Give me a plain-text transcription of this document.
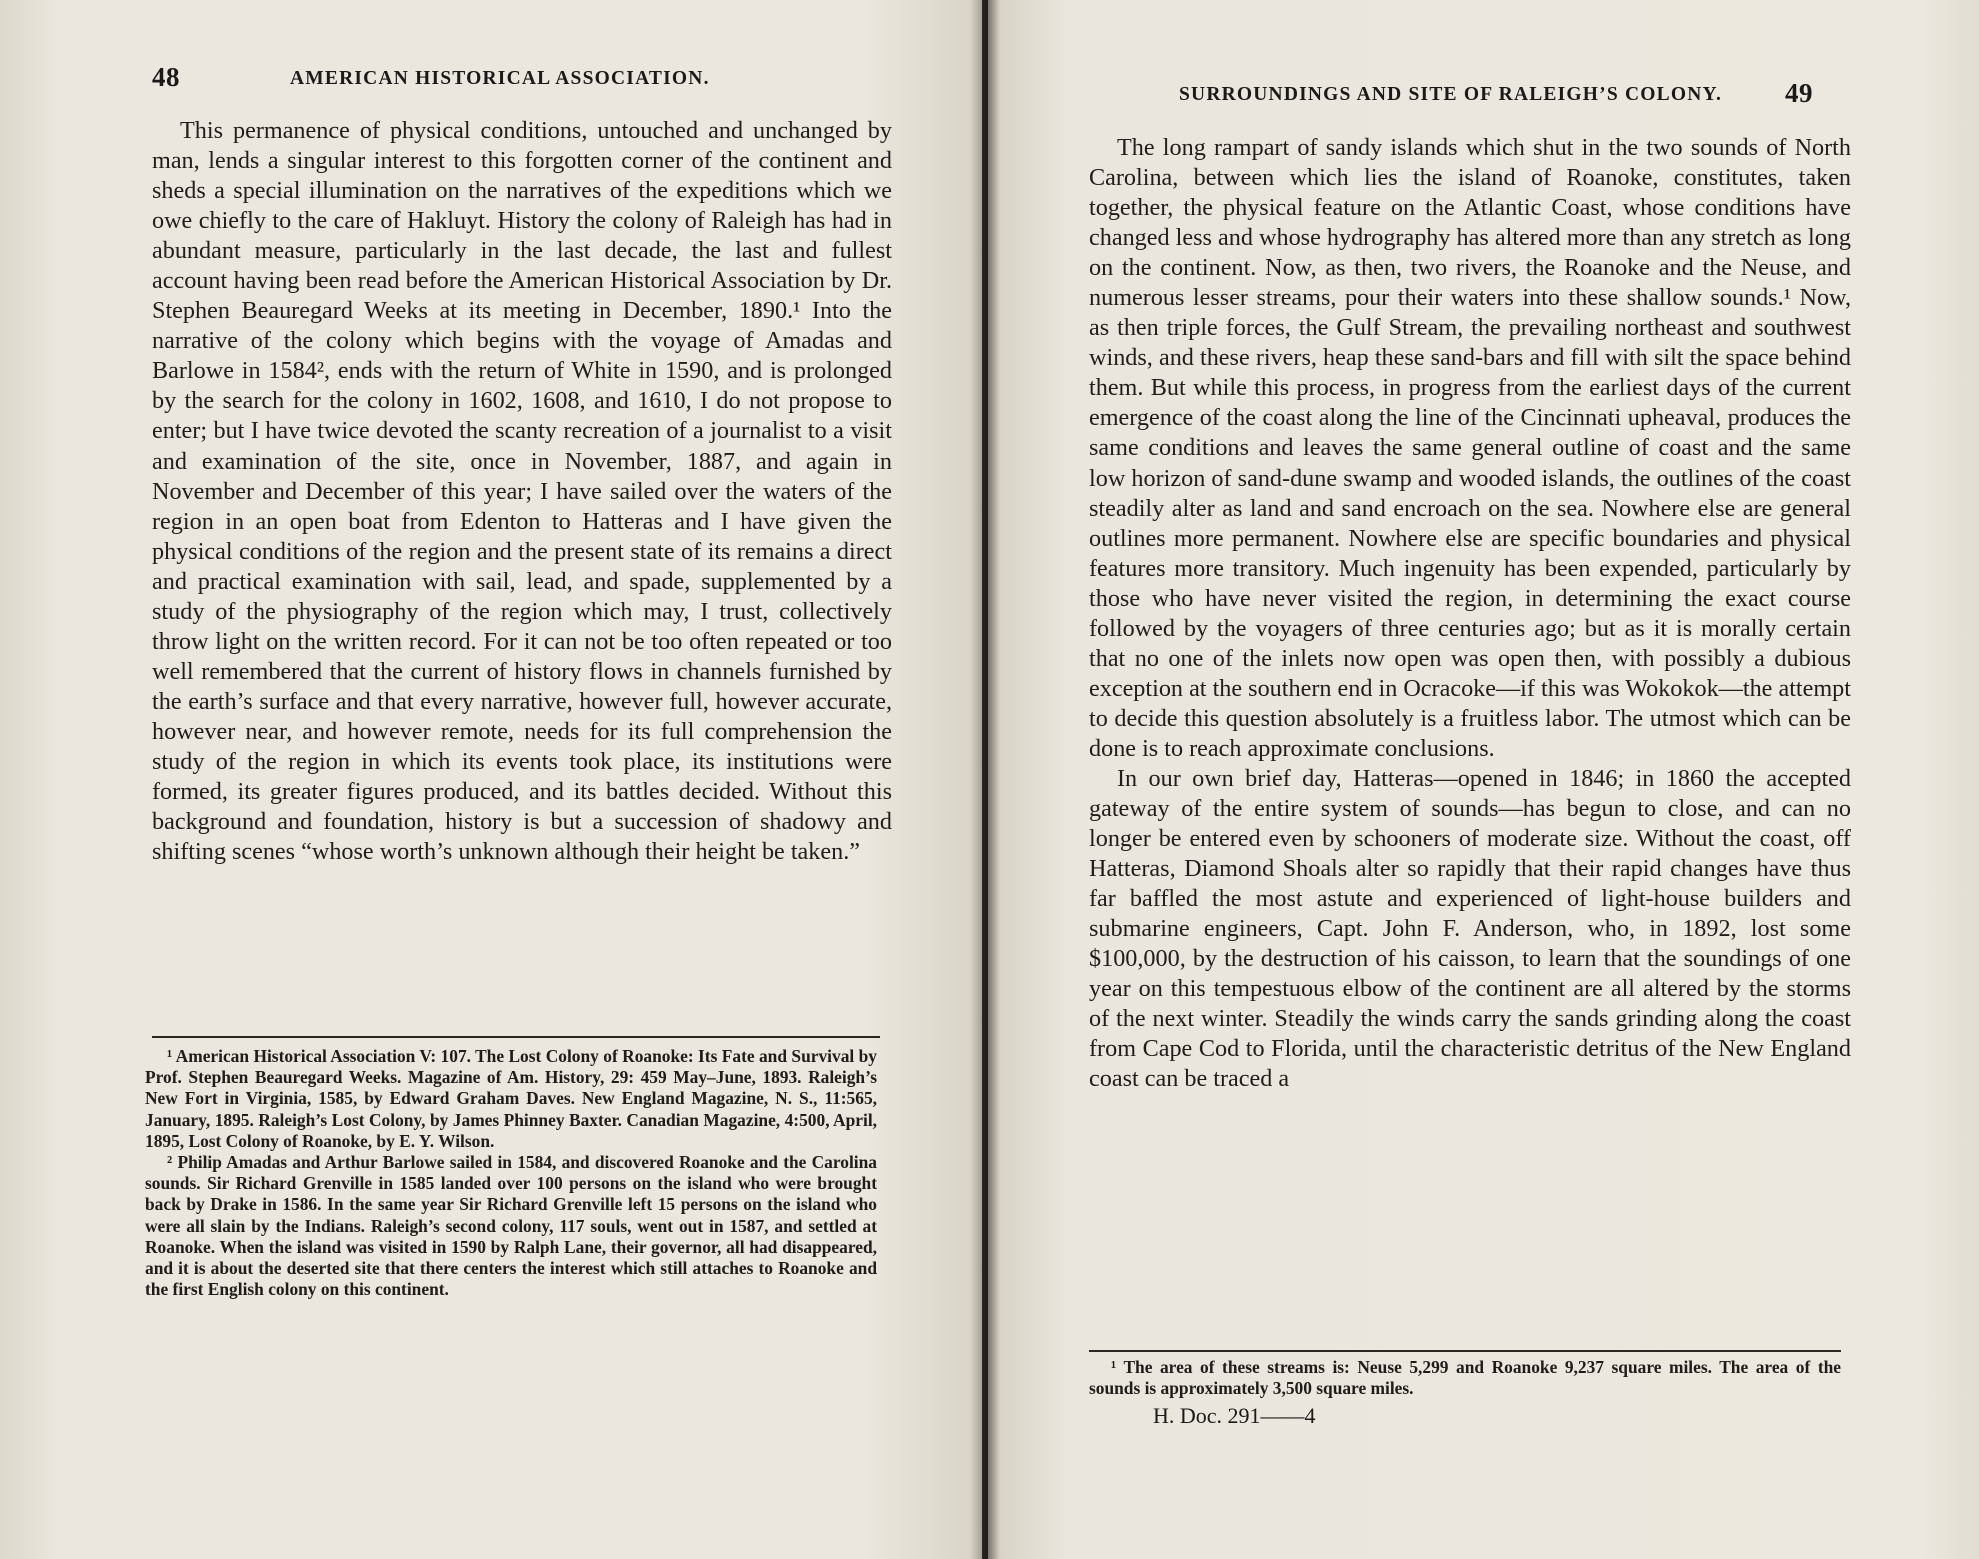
48	AMERICAN HISTORICAL ASSOCIATION.

This permanence of physical conditions, untouched and unchanged by man, lends a singular interest to this forgotten corner of the continent and sheds a special illumination on the narratives of the expeditions which we owe chiefly to the care of Hakluyt. History the colony of Raleigh has had in abundant measure, particularly in the last decade, the last and fullest account having been read before the American Historical Association by Dr. Stephen Beauregard Weeks at its meeting in December, 1890.¹ Into the narrative of the colony which begins with the voyage of Amadas and Barlowe in 1584², ends with the return of White in 1590, and is prolonged by the search for the colony in 1602, 1608, and 1610, I do not propose to enter; but I have twice devoted the scanty recreation of a journalist to a visit and examination of the site, once in November, 1887, and again in November and December of this year; I have sailed over the waters of the region in an open boat from Edenton to Hatteras and I have given the physical conditions of the region and the present state of its remains a direct and practical examination with sail, lead, and spade, supplemented by a study of the physiography of the region which may, I trust, collectively throw light on the written record. For it can not be too often repeated or too well remembered that the current of history flows in channels furnished by the earth’s surface and that every narrative, however full, however accurate, however near, and however remote, needs for its full comprehension the study of the region in which its events took place, its institutions were formed, its greater figures produced, and its battles decided. Without this background and foundation, history is but a succession of shadowy and shifting scenes “whose worth’s unknown although their height be taken.”

¹ American Historical Association V: 107. The Lost Colony of Roanoke: Its Fate and Survival by Prof. Stephen Beauregard Weeks. Magazine of Am. History, 29: 459 May–June, 1893. Raleigh’s New Fort in Virginia, 1585, by Edward Graham Daves. New England Magazine, N. S., 11:565, January, 1895. Raleigh’s Lost Colony, by James Phinney Baxter. Canadian Magazine, 4:500, April, 1895, Lost Colony of Roanoke, by E. Y. Wilson.

² Philip Amadas and Arthur Barlowe sailed in 1584, and discovered Roanoke and the Carolina sounds. Sir Richard Grenville in 1585 landed over 100 persons on the island who were brought back by Drake in 1586. In the same year Sir Richard Grenville left 15 persons on the island who were all slain by the Indians. Raleigh’s second colony, 117 souls, went out in 1587, and settled at Roanoke. When the island was visited in 1590 by Ralph Lane, their governor, all had disappeared, and it is about the deserted site that there centers the interest which still attaches to Roanoke and the first English colony on this continent.

SURROUNDINGS AND SITE OF RALEIGH’S COLONY. 49

The long rampart of sandy islands which shut in the two sounds of North Carolina, between which lies the island of Roanoke, constitutes, taken together, the physical feature on the Atlantic Coast, whose conditions have changed less and whose hydrography has altered more than any stretch as long on the continent. Now, as then, two rivers, the Roanoke and the Neuse, and numerous lesser streams, pour their waters into these shallow sounds.¹ Now, as then triple forces, the Gulf Stream, the prevailing northeast and southwest winds, and these rivers, heap these sand-bars and fill with silt the space behind them. But while this process, in progress from the earliest days of the current emergence of the coast along the line of the Cincinnati upheaval, produces the same conditions and leaves the same general outline of coast and the same low horizon of sand-dune swamp and wooded islands, the outlines of the coast steadily alter as land and sand encroach on the sea. Nowhere else are general outlines more permanent. Nowhere else are specific boundaries and physical features more transitory. Much ingenuity has been expended, particularly by those who have never visited the region, in determining the exact course followed by the voyagers of three centuries ago; but as it is morally certain that no one of the inlets now open was open then, with possibly a dubious exception at the southern end in Ocracoke—if this was Wokokok—the attempt to decide this question absolutely is a fruitless labor. The utmost which can be done is to reach approximate conclusions.

In our own brief day, Hatteras—opened in 1846; in 1860 the accepted gateway of the entire system of sounds—has begun to close, and can no longer be entered even by schooners of moderate size. Without the coast, off Hatteras, Diamond Shoals alter so rapidly that their rapid changes have thus far baffled the most astute and experienced of light-house builders and submarine engineers, Capt. John F. Anderson, who, in 1892, lost some $100,000, by the destruction of his caisson, to learn that the soundings of one year on this tempestuous elbow of the continent are all altered by the storms of the next winter. Steadily the winds carry the sands grinding along the coast from Cape Cod to Florida, until the characteristic detritus of the New England coast can be traced a

¹ The area of these streams is: Neuse 5,299 and Roanoke 9,237 square miles. The area of the sounds is approximately 3,500 square miles.

H. Doc. 291——4
